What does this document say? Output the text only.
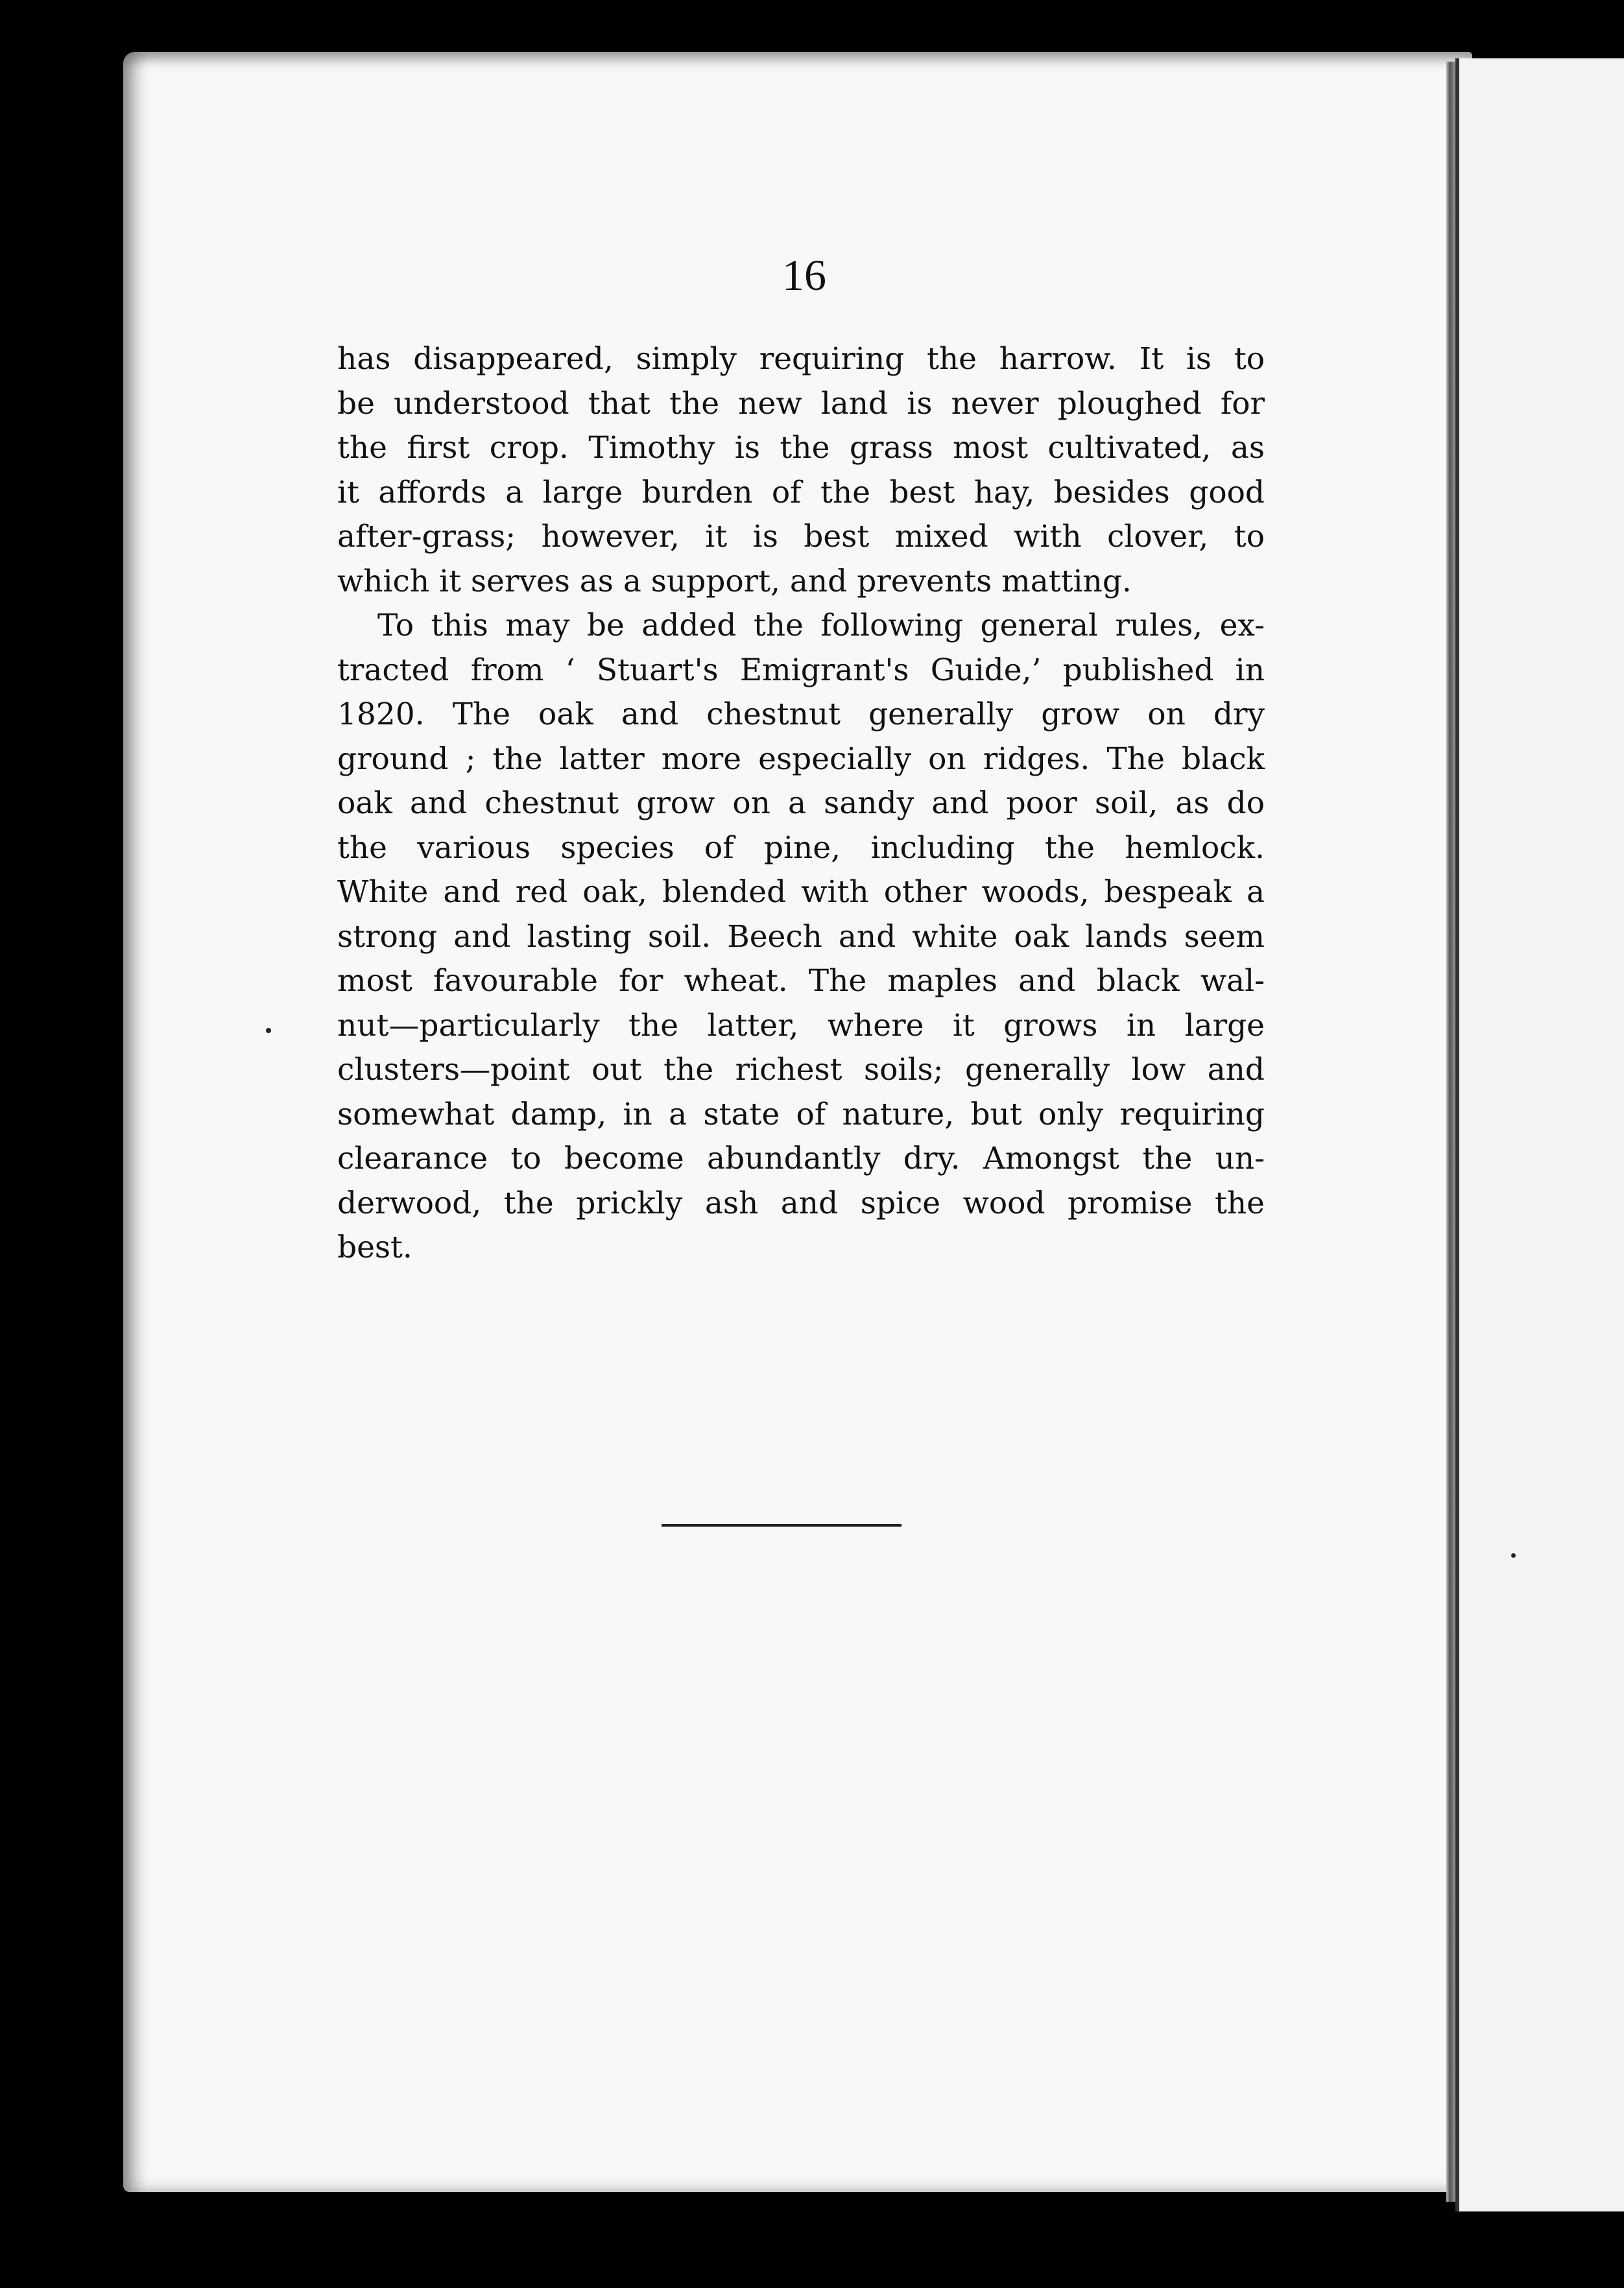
16
has disappeared, simply requiring the harrow. It is to
be understood that the new land is never ploughed for
the first crop. Timothy is the grass most cultivated, as
it affords a large burden of the best hay, besides good
after-grass; however, it is best mixed with clover, to
which it serves as a support, and prevents matting.
To this may be added the following general rules, ex-
tracted from ‘ Stuart's Emigrant's Guide,’ published in
1820. The oak and chestnut generally grow on dry
ground ; the latter more especially on ridges. The black
oak and chestnut grow on a sandy and poor soil, as do
the various species of pine, including the hemlock.
White and red oak, blended with other woods, bespeak a
strong and lasting soil. Beech and white oak lands seem
most favourable for wheat. The maples and black wal-
nut—particularly the latter, where it grows in large
clusters—point out the richest soils; generally low and
somewhat damp, in a state of nature, but only requiring
clearance to become abundantly dry. Amongst the un-
derwood, the prickly ash and spice wood promise the
best.
